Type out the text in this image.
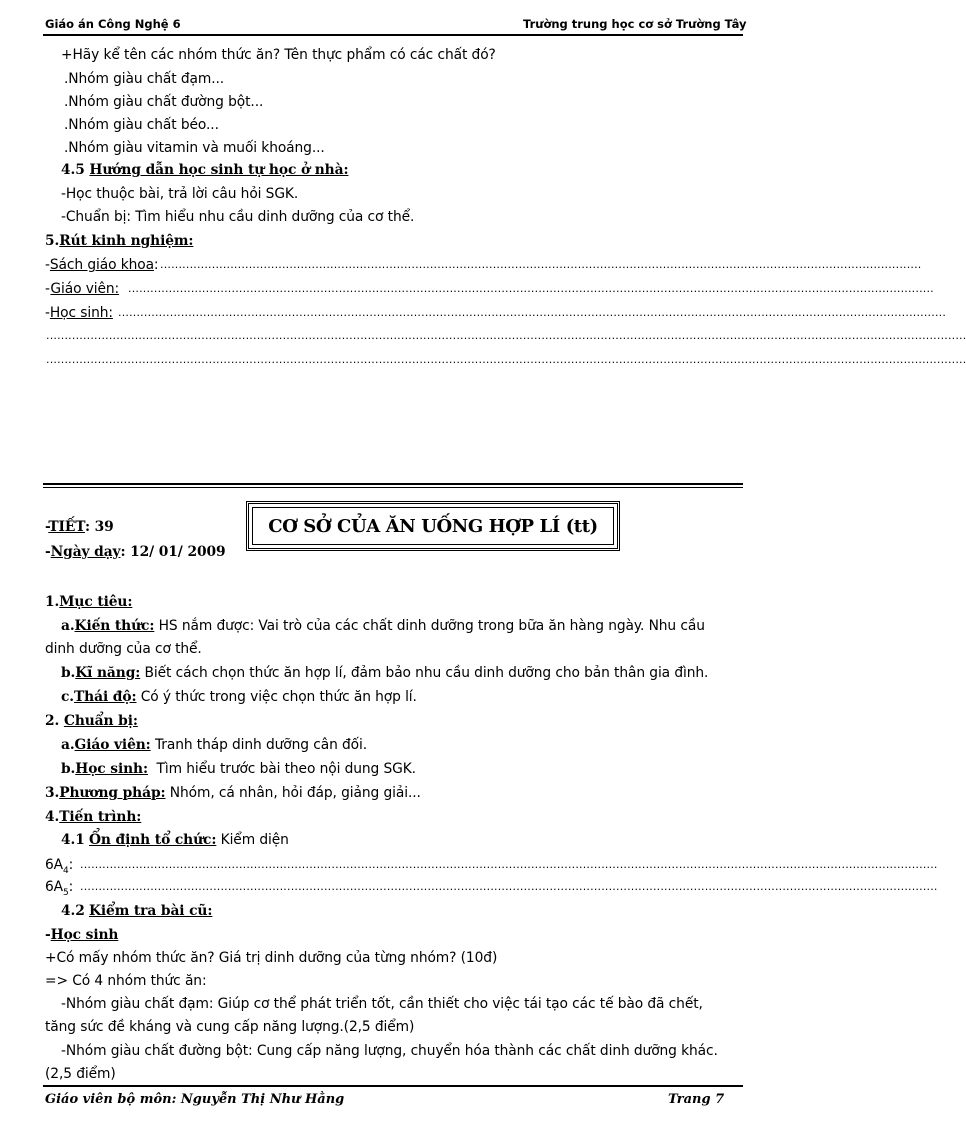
Giáo án Công Nghệ 6	Trường trung học cơ sở Trường Tây
+Hãy kể tên các nhóm thức ăn? Tên thực phẩm có các chất đó?
.Nhóm giàu chất đạm...
.Nhóm giàu chất đường bột...
.Nhóm giàu chất béo...
.Nhóm giàu vitamin và muối khoáng...
4.5 Hướng dẫn học sinh tự học ở nhà:
-Học thuộc bài, trả lời câu hỏi SGK.
-Chuẩn bị: Tìm hiểu nhu cầu dinh dưỡng của cơ thể.
5.Rút kinh nghiệm:
-Sách giáo khoa: ..............................................................................................................................................................................................................
-Giáo viên: ..........................................................................................................................................................................................................................
-Học sinh: ................................................................................................................................................................................................................................
.........................................................................................................................................................................................................................................................
.........................................................................................................................................................................................................................................................
-TIẾT: 39
-Ngày dạy: 12/ 01/ 2009
CƠ SỞ CỦA ĂN UỐNG HỢP LÍ (tt)
1.Mục tiêu:
a.Kiến thức: HS nắm được: Vai trò của các chất dinh dưỡng trong bữa ăn hàng ngày. Nhu cầu
dinh dưỡng của cơ thể.
b.Kĩ năng: Biết cách chọn thức ăn hợp lí, đảm bảo nhu cầu dinh dưỡng cho bản thân gia đình.
c.Thái độ: Có ý thức trong việc chọn thức ăn hợp lí.
2. Chuẩn bị:
a.Giáo viên: Tranh tháp dinh dưỡng cân đối.
b.Học sinh:  Tìm hiểu trước bài theo nội dung SGK.
3.Phương pháp: Nhóm, cá nhân, hỏi đáp, giảng giải...
4.Tiến trình:
4.1 Ổn định tổ chức: Kiểm diện
$6A_4$: ........................................................................................................................................................................................................................................
$6A_5$: ........................................................................................................................................................................................................................................
4.2 Kiểm tra bài cũ:
-Học sinh
+Có mấy nhóm thức ăn? Giá trị dinh dưỡng của từng nhóm? (10đ)
=> Có 4 nhóm thức ăn:
-Nhóm giàu chất đạm: Giúp cơ thể phát triển tốt, cần thiết cho việc tái tạo các tế bào đã chết,
tăng sức đề kháng và cung cấp năng lượng.(2,5 điểm)
-Nhóm giàu chất đường bột: Cung cấp năng lượng, chuyển hóa thành các chất dinh dưỡng khác.
(2,5 điểm)
Giáo viên bộ môn: Nguyễn Thị Như Hằng	Trang 7
